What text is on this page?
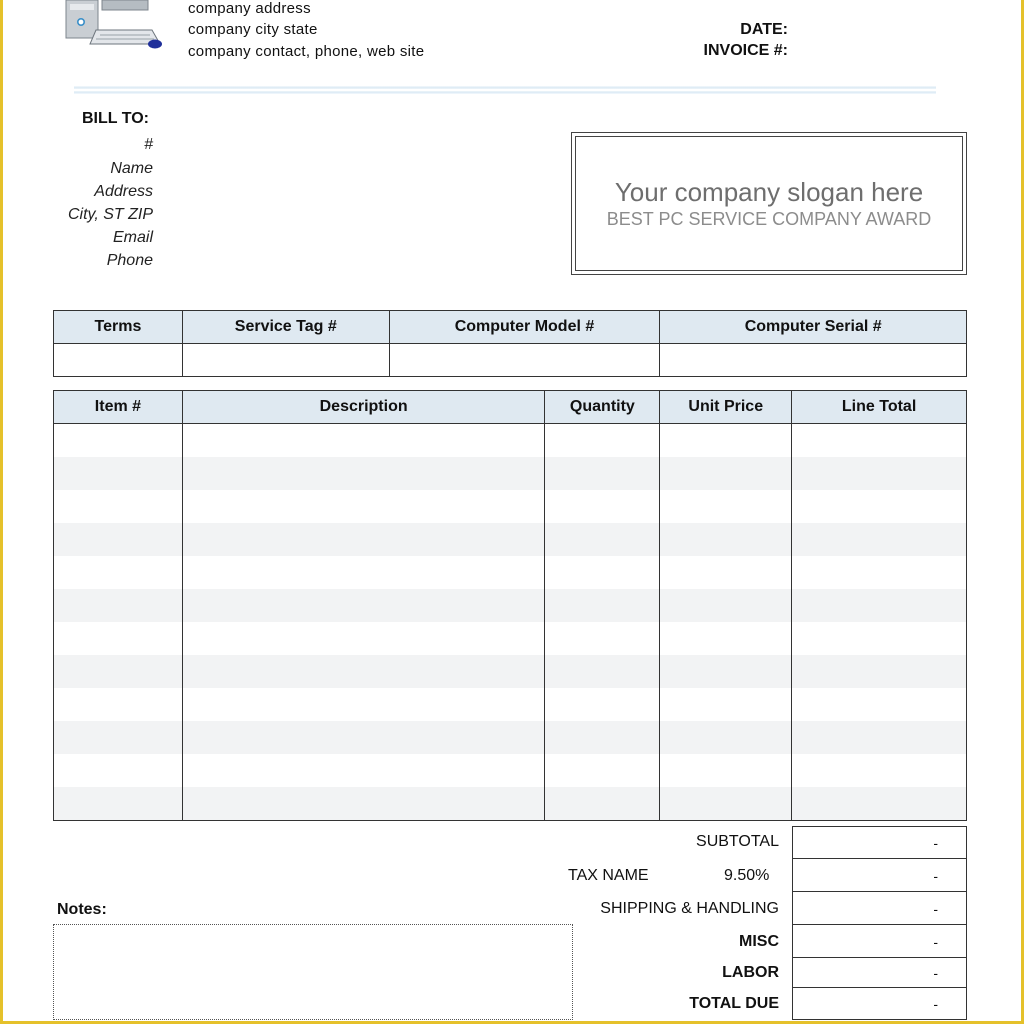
company address
company city state
company contact, phone, web site
DATE:
INVOICE #:
BILL TO:
#
Name
Address
City, ST ZIP
Email
Phone
Your company slogan here
BEST PC SERVICE COMPANY AWARD
Terms	Service Tag #	Computer Model #	Computer Serial #

Item #	Description	Quantity	Unit Price	Line Total

SUBTOTAL	-
TAX NAME	9.50%	-
SHIPPING & HANDLING	-
MISC	-
LABOR	-
TOTAL DUE	-
Notes:
